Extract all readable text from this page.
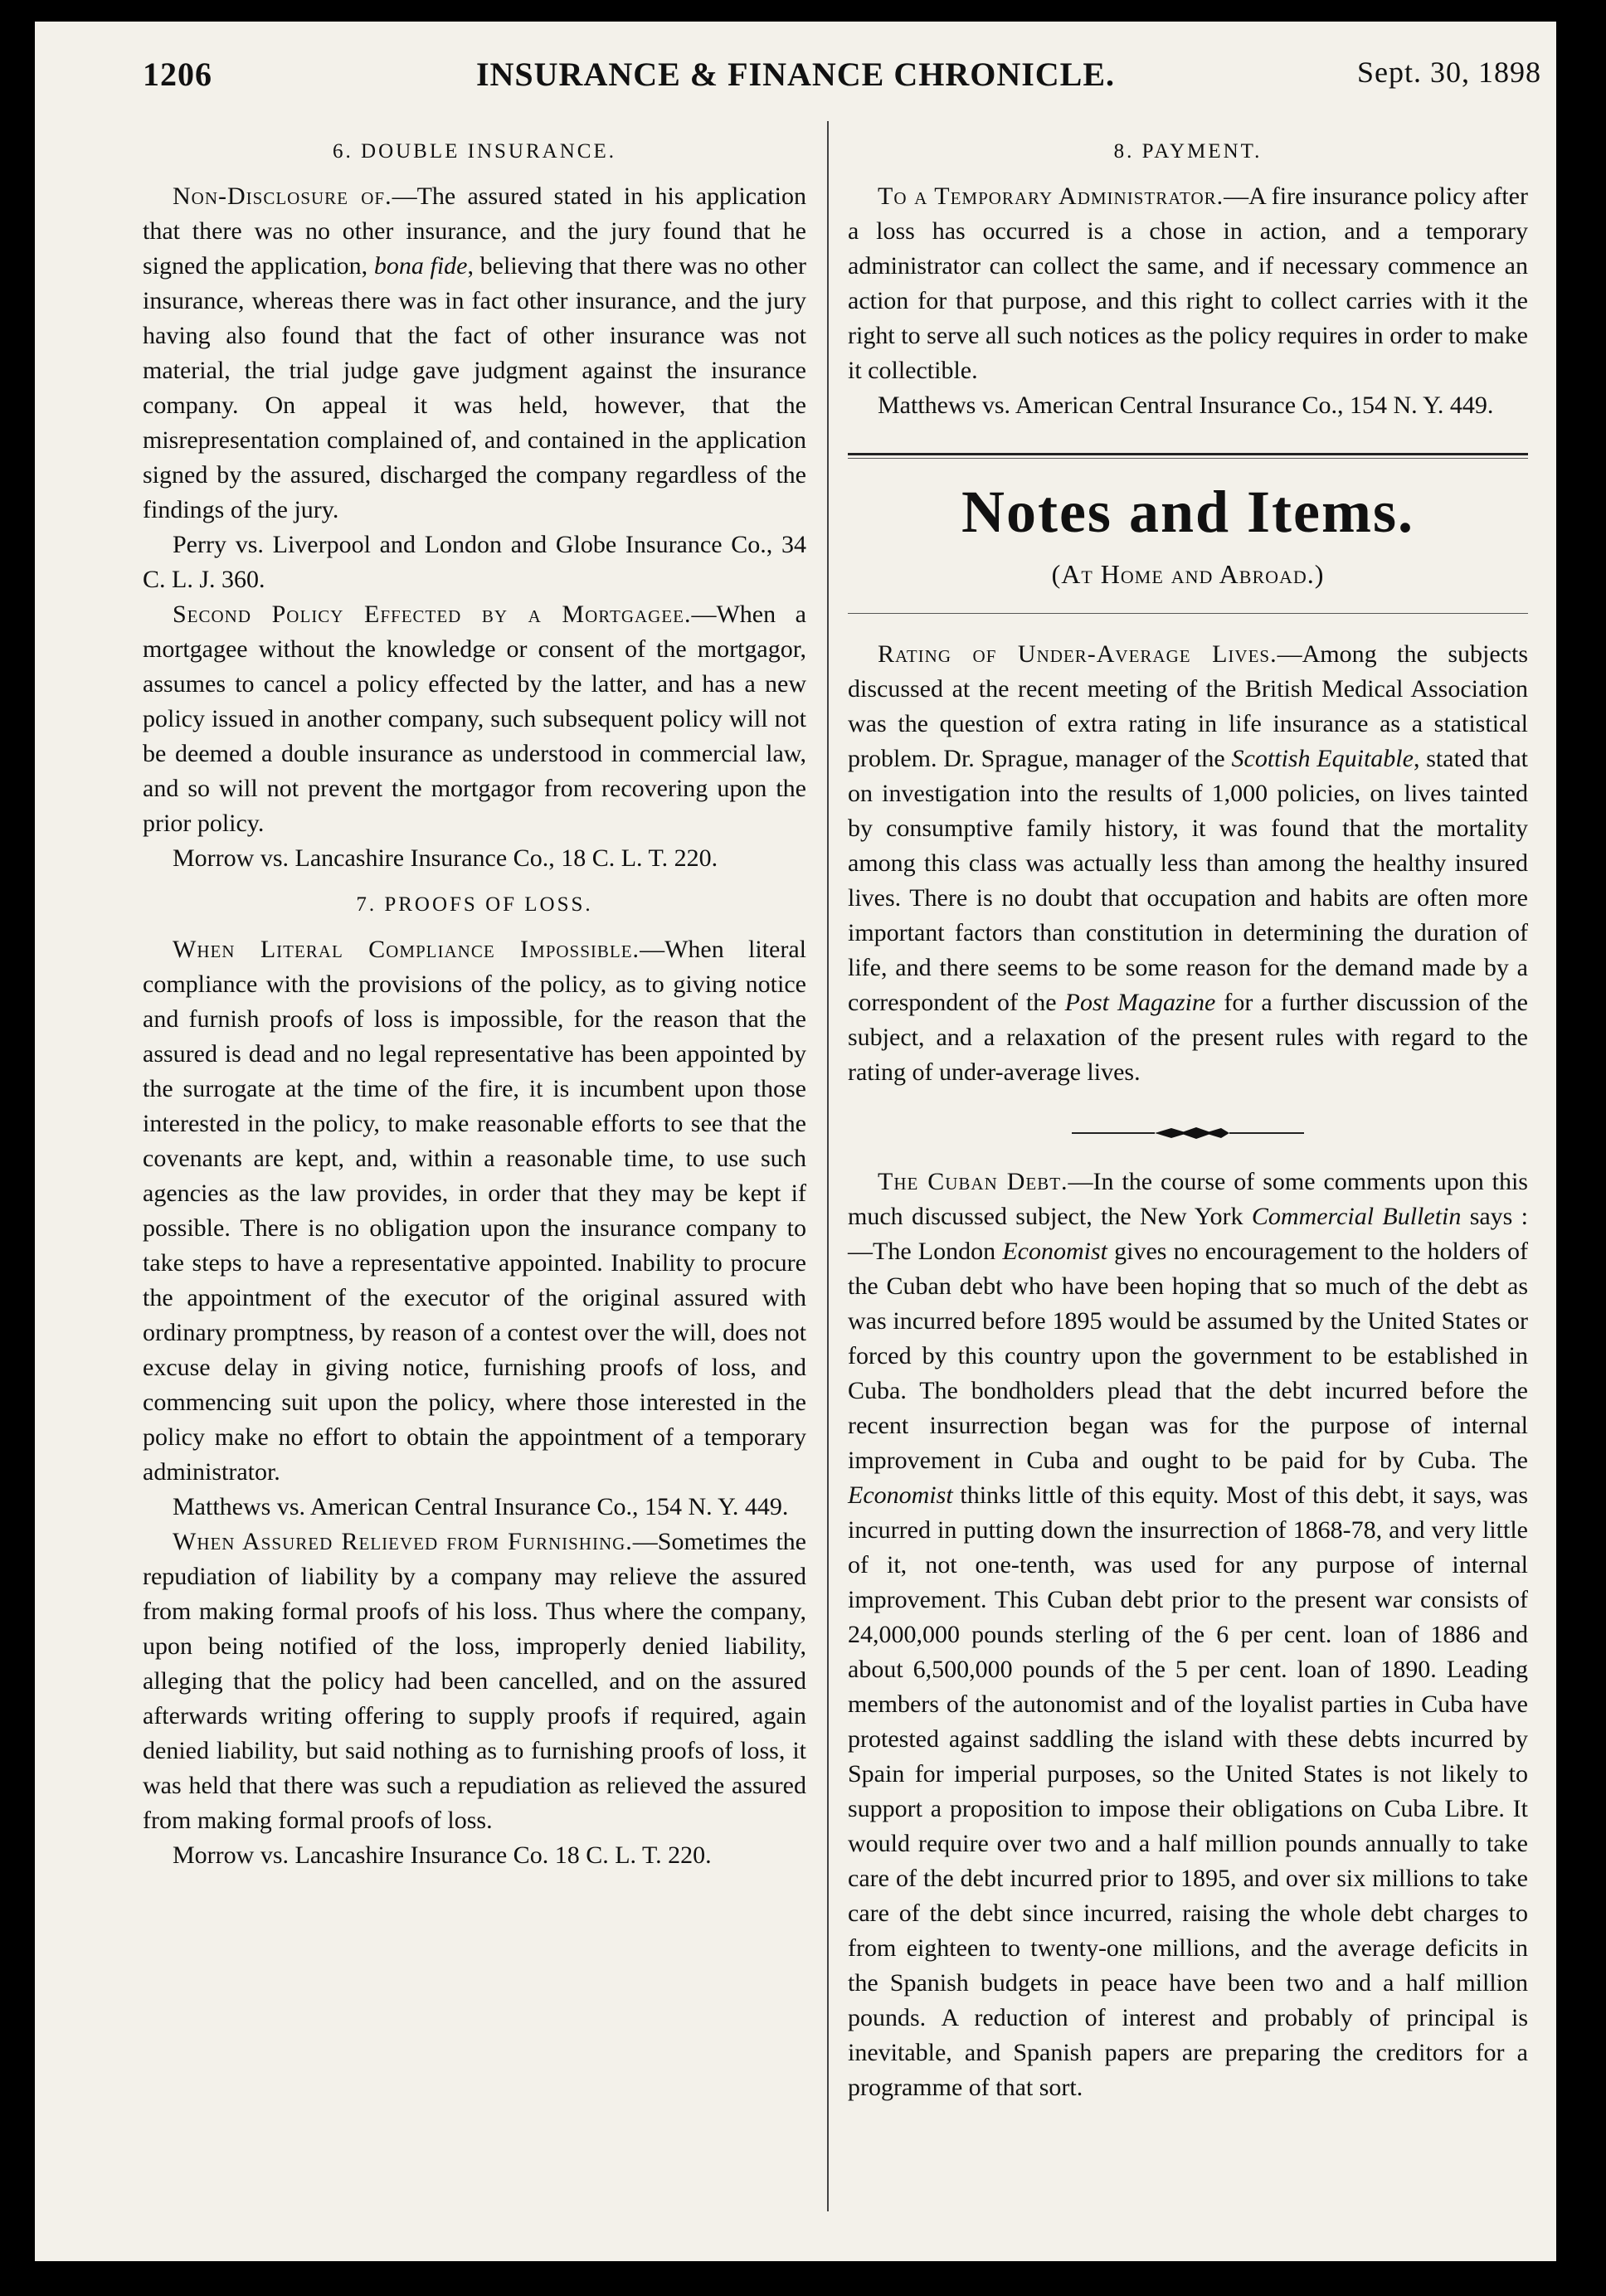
1206	INSURANCE & FINANCE CHRONICLE.	Sept. 30, 1898
6. DOUBLE INSURANCE.

Non-Disclosure of.—The assured stated in his application that there was no other insurance, and the jury found that he signed the application, bona fide, believing that there was no other insurance, whereas there was in fact other insurance, and the jury having also found that the fact of other insurance was not material, the trial judge gave judgment against the insurance company. On appeal it was held, however, that the misrepresentation complained of, and contained in the application signed by the assured, discharged the company regardless of the findings of the jury.

Perry vs. Liverpool and London and Globe Insurance Co., 34 C. L. J. 360.

Second Policy Effected by a Mortgagee.—When a mortgagee without the knowledge or consent of the mortgagor, assumes to cancel a policy effected by the latter, and has a new policy issued in another company, such subsequent policy will not be deemed a double insurance as understood in commercial law, and so will not prevent the mortgagor from recovering upon the prior policy.

Morrow vs. Lancashire Insurance Co., 18 C. L. T. 220.

7. PROOFS OF LOSS.

When Literal Compliance Impossible.—When literal compliance with the provisions of the policy, as to giving notice and furnish proofs of loss is impossible, for the reason that the assured is dead and no legal representative has been appointed by the surrogate at the time of the fire, it is incumbent upon those interested in the policy, to make reasonable efforts to see that the covenants are kept, and, within a reasonable time, to use such agencies as the law provides, in order that they may be kept if possible. There is no obligation upon the insurance company to take steps to have a representative appointed. Inability to procure the appointment of the executor of the original assured with ordinary promptness, by reason of a contest over the will, does not excuse delay in giving notice, furnishing proofs of loss, and commencing suit upon the policy, where those interested in the policy make no effort to obtain the appointment of a temporary administrator.

Matthews vs. American Central Insurance Co., 154 N. Y. 449.

When Assured Relieved from Furnishing.—Sometimes the repudiation of liability by a company may relieve the assured from making formal proofs of his loss. Thus where the company, upon being notified of the loss, improperly denied liability, alleging that the policy had been cancelled, and on the assured afterwards writing offering to supply proofs if required, again denied liability, but said nothing as to furnishing proofs of loss, it was held that there was such a repudiation as relieved the assured from making formal proofs of loss.

Morrow vs. Lancashire Insurance Co. 18 C. L. T. 220.

8. PAYMENT.

To a Temporary Administrator.—A fire insurance policy after a loss has occurred is a chose in action, and a temporary administrator can collect the same, and if necessary commence an action for that purpose, and this right to collect carries with it the right to serve all such notices as the policy requires in order to make it collectible.

Matthews vs. American Central Insurance Co., 154 N. Y. 449.

Notes and Items.
(At Home and Abroad.)

Rating of Under-Average Lives.—Among the subjects discussed at the recent meeting of the British Medical Association was the question of extra rating in life insurance as a statistical problem. Dr. Sprague, manager of the Scottish Equitable, stated that on investigation into the results of 1,000 policies, on lives tainted by consumptive family history, it was found that the mortality among this class was actually less than among the healthy insured lives. There is no doubt that occupation and habits are often more important factors than constitution in determining the duration of life, and there seems to be some reason for the demand made by a correspondent of the Post Magazine for a further discussion of the subject, and a relaxation of the present rules with regard to the rating of under-average lives.

The Cuban Debt.—In the course of some comments upon this much discussed subject, the New York Commercial Bulletin says :—The London Economist gives no encouragement to the holders of the Cuban debt who have been hoping that so much of the debt as was incurred before 1895 would be assumed by the United States or forced by this country upon the government to be established in Cuba. The bondholders plead that the debt incurred before the recent insurrection began was for the purpose of internal improvement in Cuba and ought to be paid for by Cuba. The Economist thinks little of this equity. Most of this debt, it says, was incurred in putting down the insurrection of 1868-78, and very little of it, not one-tenth, was used for any purpose of internal improvement. This Cuban debt prior to the present war consists of 24,000,000 pounds sterling of the 6 per cent. loan of 1886 and about 6,500,000 pounds of the 5 per cent. loan of 1890. Leading members of the autonomist and of the loyalist parties in Cuba have protested against saddling the island with these debts incurred by Spain for imperial purposes, so the United States is not likely to support a proposition to impose their obligations on Cuba Libre. It would require over two and a half million pounds annually to take care of the debt incurred prior to 1895, and over six millions to take care of the debt since incurred, raising the whole debt charges to from eighteen to twenty-one millions, and the average deficits in the Spanish budgets in peace have been two and a half million pounds. A reduction of interest and probably of principal is inevitable, and Spanish papers are preparing the creditors for a programme of that sort.
